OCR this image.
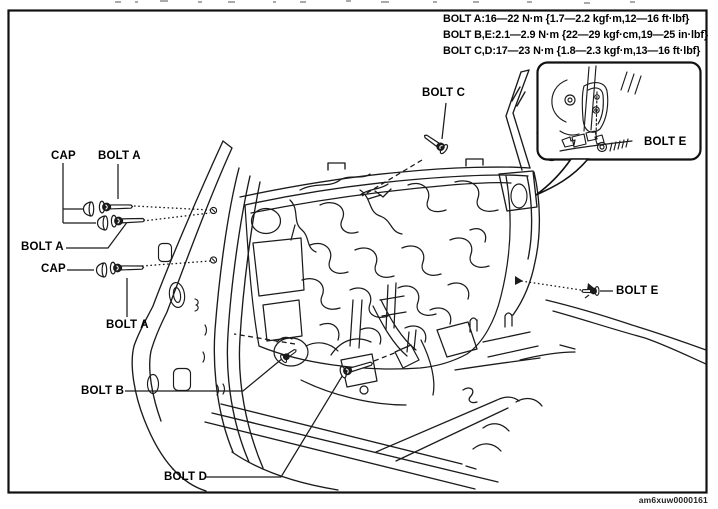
BOLT A:16—22 N·m {1.7—2.2 kgf·m,12—16 ft·lbf}
BOLT B,E:2.1—2.9 N·m {22—29 kgf·cm,19—25 in·lbf}
BOLT C,D:17—23 N·m {1.8—2.3 kgf·m,13—16 ft·lbf}
CAP BOLT A
BOLT A
CAP
BOLT A
BOLT B
BOLT C
BOLT D
BOLT E
BOLT E
am6xuw0000161
